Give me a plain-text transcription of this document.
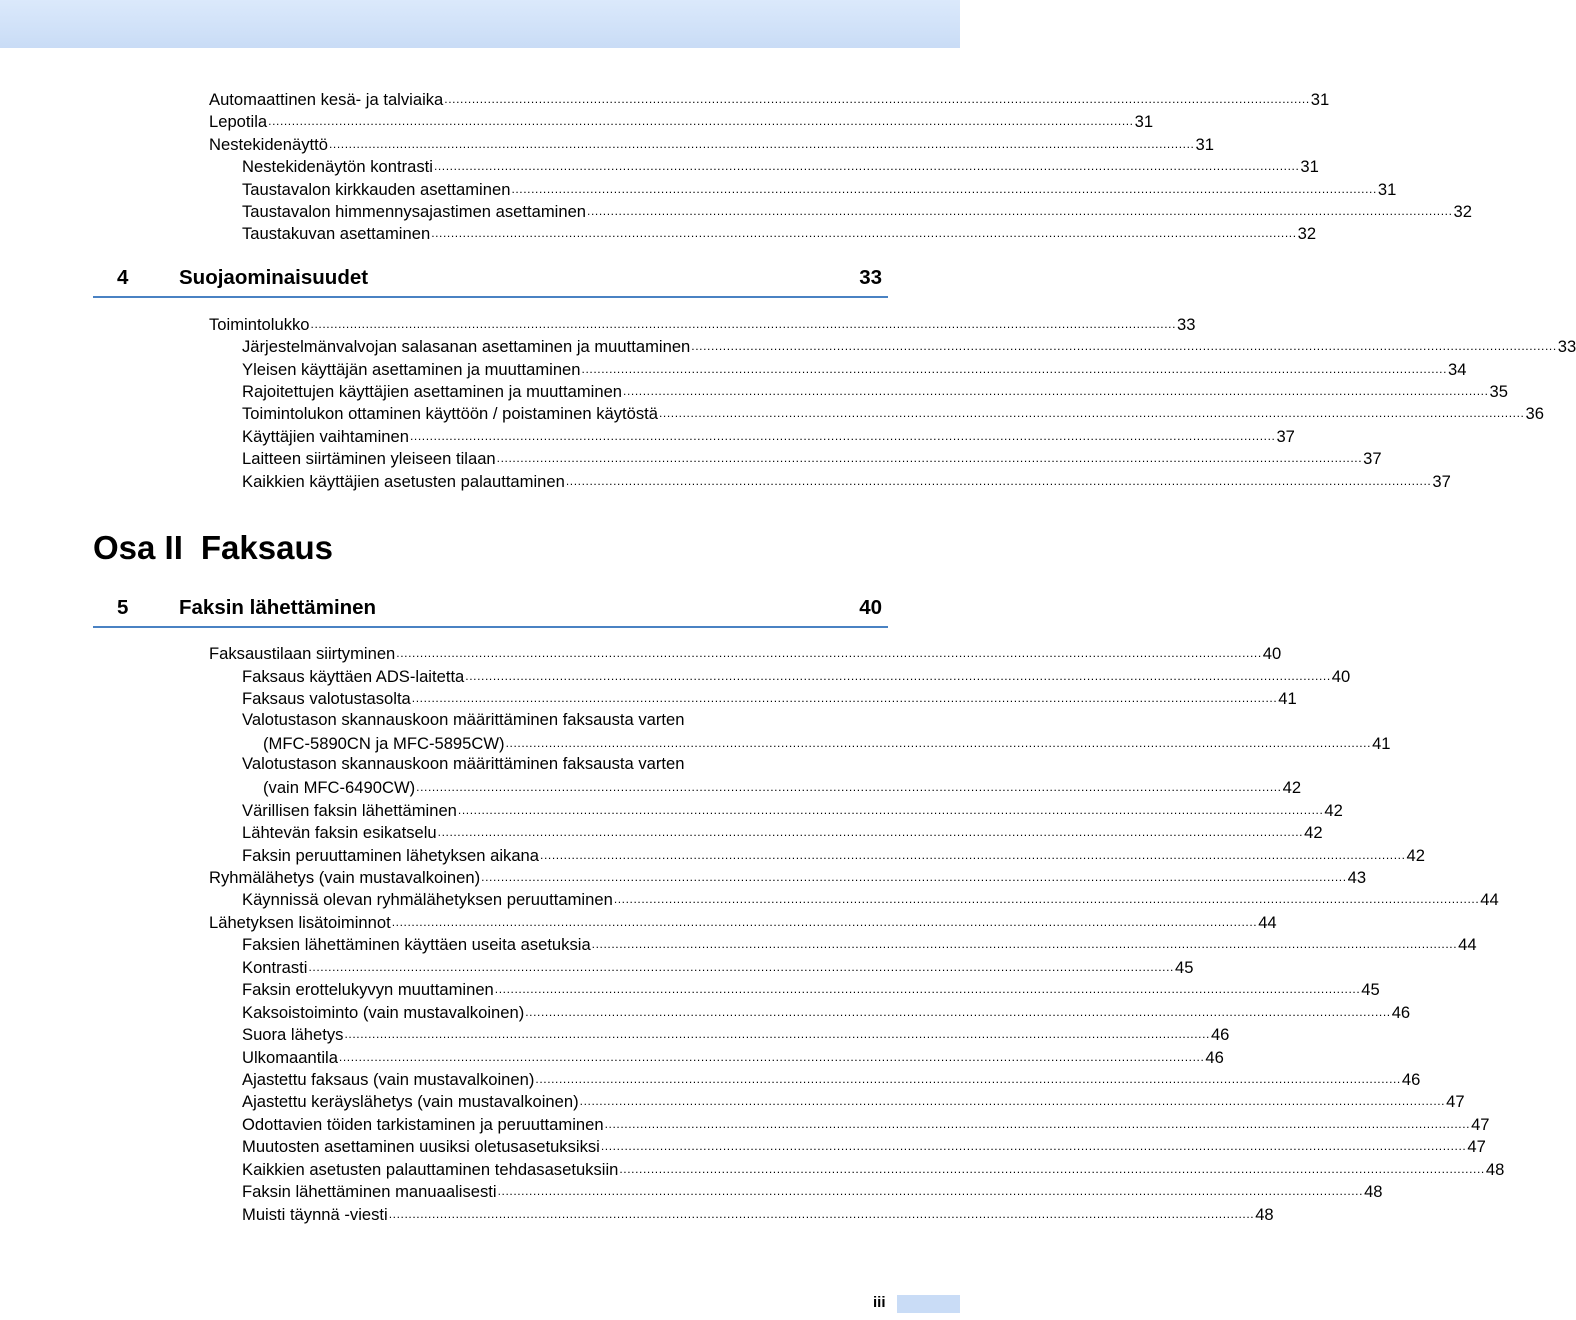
4 Suojaominaisuudet	33
Osa II Faksaus
5 Faksin lähettäminen	40
Automaattinen kesä- ja talviaika ............................................................................................................................................................................................................................ 31
Lepotila ............................................................................................................................................................................................................................ 31
Nestekidenäyttö ............................................................................................................................................................................................................................ 31
Nestekidenäytön kontrasti ............................................................................................................................................................................................................................ 31
Taustavalon kirkkauden asettaminen ............................................................................................................................................................................................................................ 31
Taustavalon himmennysajastimen asettaminen ............................................................................................................................................................................................................................ 32
Taustakuvan asettaminen ............................................................................................................................................................................................................................ 32
Toimintolukko ............................................................................................................................................................................................................................ 33
Järjestelmänvalvojan salasanan asettaminen ja muuttaminen ............................................................................................................................................................................................................................ 33
Yleisen käyttäjän asettaminen ja muuttaminen ............................................................................................................................................................................................................................ 34
Rajoitettujen käyttäjien asettaminen ja muuttaminen ............................................................................................................................................................................................................................ 35
Toimintolukon ottaminen käyttöön / poistaminen käytöstä ............................................................................................................................................................................................................................ 36
Käyttäjien vaihtaminen ............................................................................................................................................................................................................................ 37
Laitteen siirtäminen yleiseen tilaan ............................................................................................................................................................................................................................ 37
Kaikkien käyttäjien asetusten palauttaminen ............................................................................................................................................................................................................................ 37
Faksaustilaan siirtyminen ............................................................................................................................................................................................................................ 40
Faksaus käyttäen ADS-laitetta ............................................................................................................................................................................................................................ 40
Faksaus valotustasolta ............................................................................................................................................................................................................................ 41
Valotustason skannauskoon määrittäminen faksausta varten
(MFC-5890CN ja MFC-5895CW) ............................................................................................................................................................................................................................ 41
Valotustason skannauskoon määrittäminen faksausta varten
(vain MFC-6490CW) ............................................................................................................................................................................................................................ 42
Värillisen faksin lähettäminen ............................................................................................................................................................................................................................ 42
Lähtevän faksin esikatselu ............................................................................................................................................................................................................................ 42
Faksin peruuttaminen lähetyksen aikana ............................................................................................................................................................................................................................ 42
Ryhmälähetys (vain mustavalkoinen) ............................................................................................................................................................................................................................ 43
Käynnissä olevan ryhmälähetyksen peruuttaminen ............................................................................................................................................................................................................................ 44
Lähetyksen lisätoiminnot ............................................................................................................................................................................................................................ 44
Faksien lähettäminen käyttäen useita asetuksia ............................................................................................................................................................................................................................ 44
Kontrasti ............................................................................................................................................................................................................................ 45
Faksin erottelukyvyn muuttaminen ............................................................................................................................................................................................................................ 45
Kaksoistoiminto (vain mustavalkoinen) ............................................................................................................................................................................................................................ 46
Suora lähetys ............................................................................................................................................................................................................................ 46
Ulkomaantila ............................................................................................................................................................................................................................ 46
Ajastettu faksaus (vain mustavalkoinen) ............................................................................................................................................................................................................................ 46
Ajastettu keräyslähetys (vain mustavalkoinen) ............................................................................................................................................................................................................................ 47
Odottavien töiden tarkistaminen ja peruuttaminen ............................................................................................................................................................................................................................ 47
Muutosten asettaminen uusiksi oletusasetuksiksi ............................................................................................................................................................................................................................ 47
Kaikkien asetusten palauttaminen tehdasasetuksiin ............................................................................................................................................................................................................................ 48
Faksin lähettäminen manuaalisesti ............................................................................................................................................................................................................................ 48
Muisti täynnä -viesti ............................................................................................................................................................................................................................ 48
iii
